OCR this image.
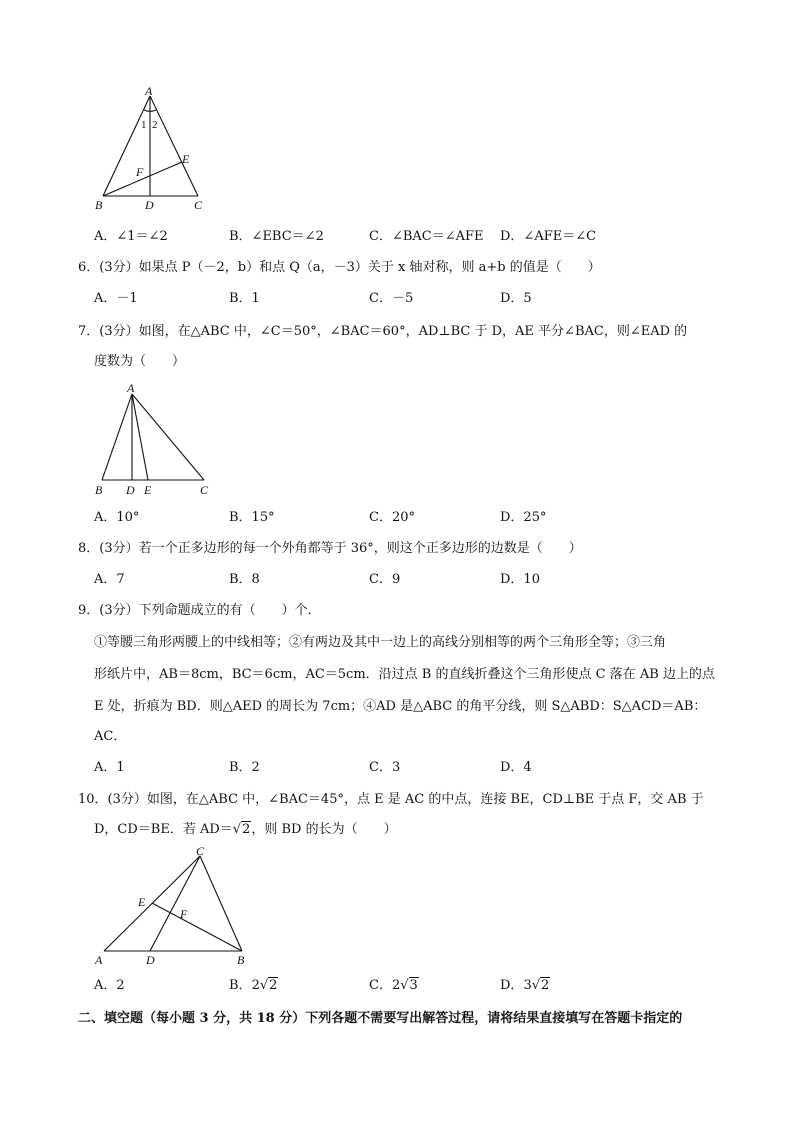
A
1 2
E
F
B	D	C
A．∠1＝∠2	B．∠EBC＝∠2	C．∠BAC＝∠AFE D．∠AFE＝∠C
6．(3分）如果点 P（－2，b）和点 Q（a，－3）关于 x 轴对称，则 a+b 的值是（　　）
A．－1	B．1	C．－5	D．5
7．(3分）如图，在△ABC 中，∠C＝50°，∠BAC＝60°，AD⊥BC 于 D，AE 平分∠BAC，则∠EAD 的
度数为（　　）
A
B D E	C
A．10°	B．15°	C．20°	D．25°
8．(3分）若一个正多边形的每一个外角都等于 36°，则这个正多边形的边数是（　　）
A．7	B．8	C．9	D．10
9．(3分）下列命题成立的有（　　）个．
①等腰三角形两腰上的中线相等；②有两边及其中一边上的高线分别相等的两个三角形全等；③三角
形纸片中，AB＝8cm，BC＝6cm，AC＝5cm．沿过点 B 的直线折叠这个三角形使点 C 落在 AB 边上的点
E 处，折痕为 BD．则△AED 的周长为 7cm；④AD 是△ABC 的角平分线，则 S△ABD：S△ACD＝AB：
AC．
A．1	B．2	C．3	D．4
10．(3分）如图，在△ABC 中，∠BAC＝45°，点 E 是 AC 的中点，连接 BE，CD⊥BE 于点 F，交 AB 于
D，CD＝BE．若 AD＝√2，则 BD 的长为（　　）
C
E
F
A	D	B
A．2	B．2√2	C．2√3	D．3√2
二、填空题（每小题 3 分，共 18 分）下列各题不需要写出解答过程，请将结果直接填写在答题卡指定的
